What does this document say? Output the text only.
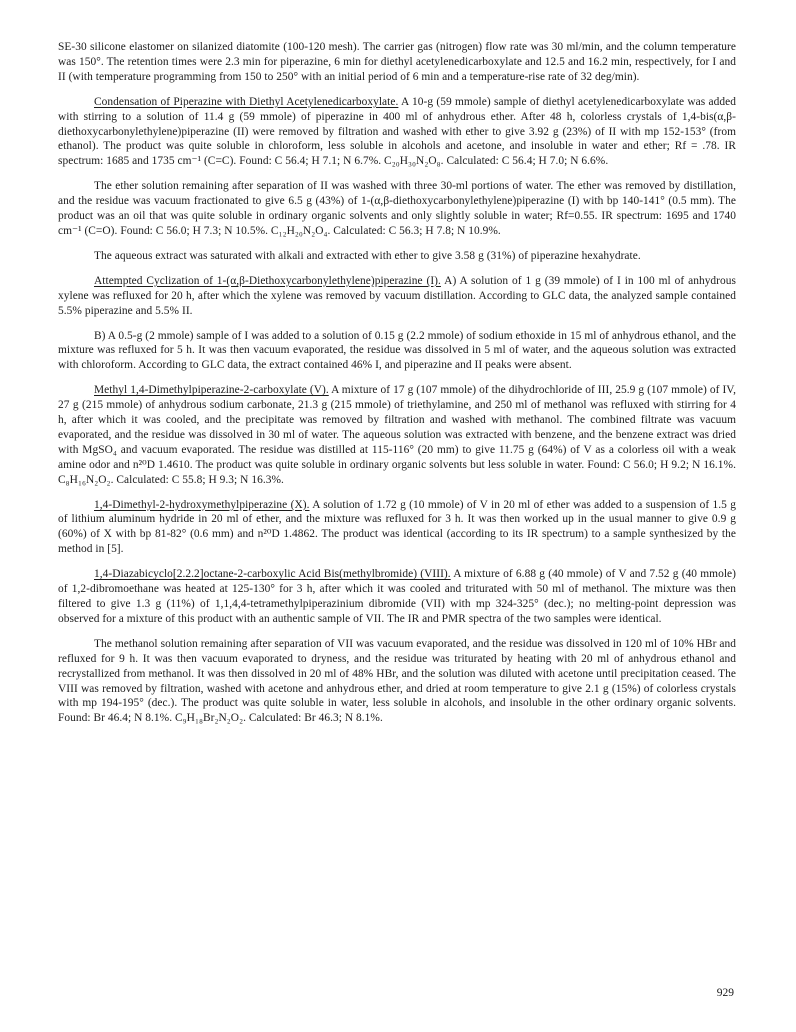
SE-30 silicone elastomer on silanized diatomite (100-120 mesh). The carrier gas (nitrogen) flow rate was 30 ml/min, and the column temperature was 150°. The retention times were 2.3 min for piperazine, 6 min for diethyl acetylenedicarboxylate and 12.5 and 16.2 min, respectively, for I and II (with temperature programming from 150 to 250° with an initial period of 6 min and a temperature-rise rate of 32 deg/min).

Condensation of Piperazine with Diethyl Acetylenedicarboxylate. A 10-g (59 mmole) sample of diethyl acetylenedicarboxylate was added with stirring to a solution of 11.4 g (59 mmole) of piperazine in 400 ml of anhydrous ether. After 48 h, colorless crystals of 1,4-bis(α,β-diethoxycarbonylethylene)piperazine (II) were removed by filtration and washed with ether to give 3.92 g (23%) of II with mp 152-153° (from ethanol). The product was quite soluble in chloroform, less soluble in alcohols and acetone, and insoluble in water and ether; Rf = .78. IR spectrum: 1685 and 1735 cm⁻¹ (C=C). Found: C 56.4; H 7.1; N 6.7%. C₂₀H₃₀N₂O₈. Calculated: C 56.4; H 7.0; N 6.6%.

The ether solution remaining after separation of II was washed with three 30-ml portions of water. The ether was removed by distillation, and the residue was vacuum fractionated to give 6.5 g (43%) of 1-(α,β-diethoxycarbonylethylene)piperazine (I) with bp 140-141° (0.5 mm). The product was an oil that was quite soluble in ordinary organic solvents and only slightly soluble in water; Rf=0.55. IR spectrum: 1695 and 1740 cm⁻¹ (C=O). Found: C 56.0; H 7.3; N 10.5%. C₁₂H₂₀N₂O₄. Calculated: C 56.3; H 7.8; N 10.9%.

The aqueous extract was saturated with alkali and extracted with ether to give 3.58 g (31%) of piperazine hexahydrate.

Attempted Cyclization of 1-(α,β-Diethoxycarbonylethylene)piperazine (I). A) A solution of 1 g (39 mmole) of I in 100 ml of anhydrous xylene was refluxed for 20 h, after which the xylene was removed by vacuum distillation. According to GLC data, the analyzed sample contained 5.5% piperazine and 5.5% II.

B) A 0.5-g (2 mmole) sample of I was added to a solution of 0.15 g (2.2 mmole) of sodium ethoxide in 15 ml of anhydrous ethanol, and the mixture was refluxed for 5 h. It was then vacuum evaporated, the residue was dissolved in 5 ml of water, and the aqueous solution was extracted with chloroform. According to GLC data, the extract contained 46% I, and piperazine and II peaks were absent.

Methyl 1,4-Dimethylpiperazine-2-carboxylate (V). A mixture of 17 g (107 mmole) of the dihydrochloride of III, 25.9 g (107 mmole) of IV, 27 g (215 mmole) of anhydrous sodium carbonate, 21.3 g (215 mmole) of triethylamine, and 250 ml of methanol was refluxed with stirring for 4 h, after which it was cooled, and the precipitate was removed by filtration and washed with methanol. The combined filtrate was vacuum evaporated, and the residue was dissolved in 30 ml of water. The aqueous solution was extracted with benzene, and the benzene extract was dried with MgSO₄ and vacuum evaporated. The residue was distilled at 115-116° (20 mm) to give 11.75 g (64%) of V as a colorless oil with a weak amine odor and n²⁰D 1.4610. The product was quite soluble in ordinary organic solvents but less soluble in water. Found: C 56.0; H 9.2; N 16.1%. C₈H₁₆N₂O₂. Calculated: C 55.8; H 9.3; N 16.3%.

1,4-Dimethyl-2-hydroxymethylpiperazine (X). A solution of 1.72 g (10 mmole) of V in 20 ml of ether was added to a suspension of 1.5 g of lithium aluminum hydride in 20 ml of ether, and the mixture was refluxed for 3 h. It was then worked up in the usual manner to give 0.9 g (60%) of X with bp 81-82° (0.6 mm) and n²⁰D 1.4862. The product was identical (according to its IR spectrum) to a sample synthesized by the method in [5].

1,4-Diazabicyclo[2.2.2]octane-2-carboxylic Acid Bis(methylbromide) (VIII). A mixture of 6.88 g (40 mmole) of V and 7.52 g (40 mmole) of 1,2-dibromoethane was heated at 125-130° for 3 h, after which it was cooled and triturated with 50 ml of methanol. The mixture was then filtered to give 1.3 g (11%) of 1,1,4,4-tetramethylpiperazinium dibromide (VII) with mp 324-325° (dec.); no melting-point depression was observed for a mixture of this product with an authentic sample of VII. The IR and PMR spectra of the two samples were identical.

The methanol solution remaining after separation of VII was vacuum evaporated, and the residue was dissolved in 120 ml of 10% HBr and refluxed for 9 h. It was then vacuum evaporated to dryness, and the residue was triturated by heating with 20 ml of anhydrous ethanol and recrystallized from methanol. It was then dissolved in 20 ml of 48% HBr, and the solution was diluted with acetone until precipitation ceased. The VIII was removed by filtration, washed with acetone and anhydrous ether, and dried at room temperature to give 2.1 g (15%) of colorless crystals with mp 194-195° (dec.). The product was quite soluble in water, less soluble in alcohols, and insoluble in the other ordinary organic solvents. Found: Br 46.4; N 8.1%. C₉H₁₈Br₂N₂O₂. Calculated: Br 46.3; N 8.1%.

929
